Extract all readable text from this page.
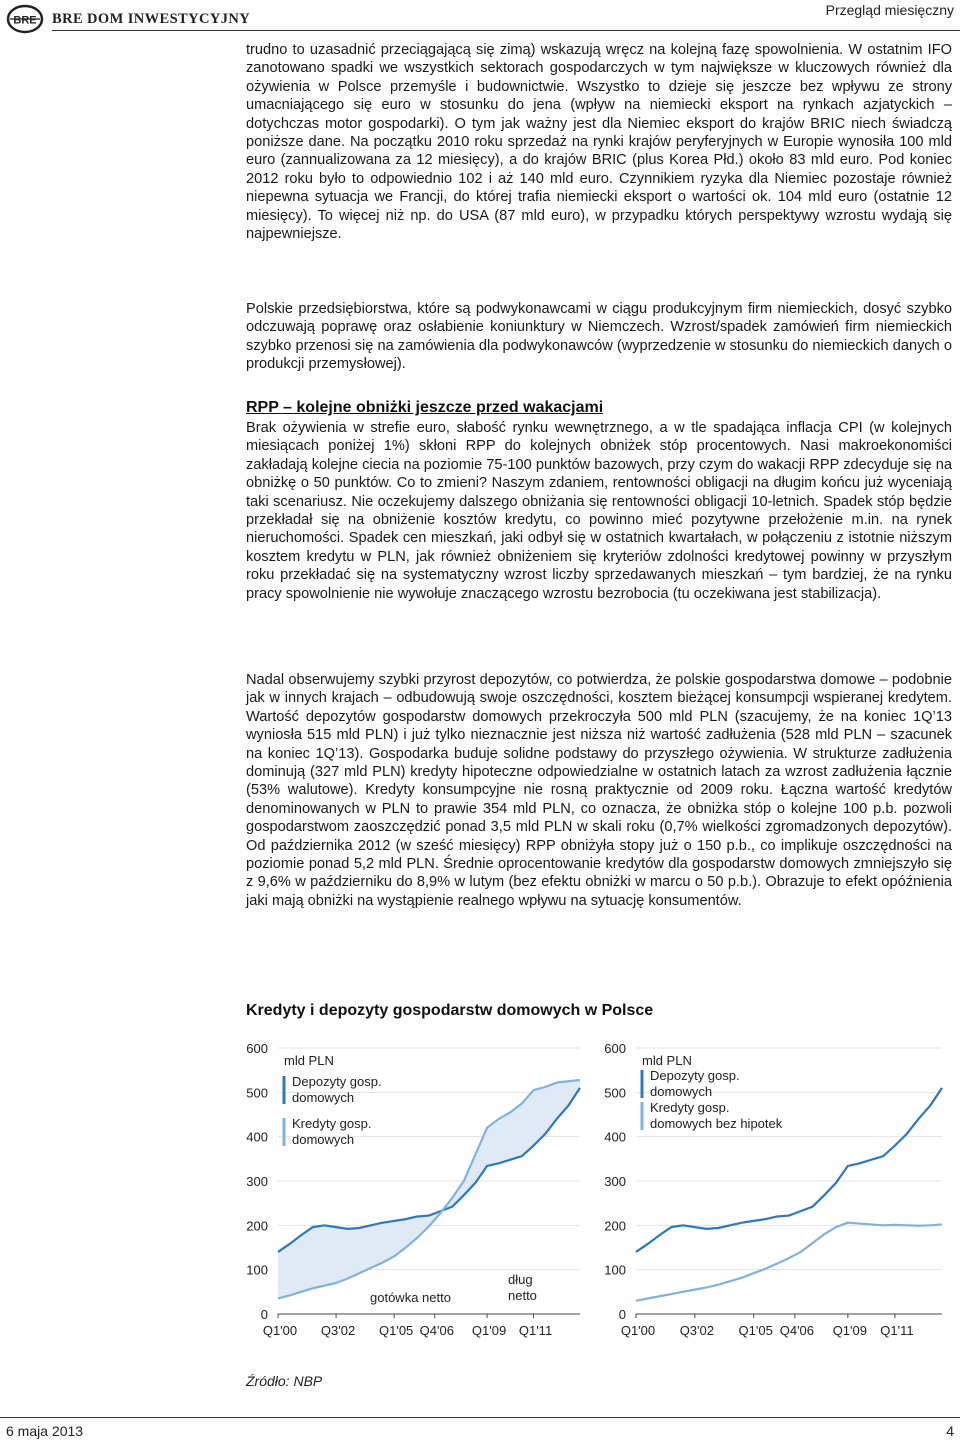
BRE BRE DOM INWESTYCYJNY
Przegląd miesięczny

trudno to uzasadnić przeciągającą się zimą) wskazują wręcz na kolejną fazę spowolnienia. W ostatnim IFO zanotowano spadki we wszystkich sektorach gospodarczych w tym największe w kluczowych również dla ożywienia w Polsce przemyśle i budownictwie. Wszystko to dzieje się jeszcze bez wpływu ze strony umacniającego się euro w stosunku do jena (wpływ na niemiecki eksport na rynkach azjatyckich – dotychczas motor gospodarki). O tym jak ważny jest dla Niemiec eksport do krajów BRIC niech świadczą poniższe dane. Na początku 2010 roku sprzedaż na rynki krajów peryferyjnych w Europie wynosiła 100 mld euro (zannualizowana za 12 miesięcy), a do krajów BRIC (plus Korea Płd.) około 83 mld euro. Pod koniec 2012 roku było to odpowiednio 102 i aż 140 mld euro. Czynnikiem ryzyka dla Niemiec pozostaje również niepewna sytuacja we Francji, do której trafia niemiecki eksport o wartości ok. 104 mld euro (ostatnie 12 miesięcy). To więcej niż np. do USA (87 mld euro), w przypadku których perspektywy wzrostu wydają się najpewniejsze.

Polskie przedsiębiorstwa, które są podwykonawcami w ciągu produkcyjnym firm niemieckich, dosyć szybko odczuwają poprawę oraz osłabienie koniunktury w Niemczech. Wzrost/spadek zamówień firm niemieckich szybko przenosi się na zamówienia dla podwykonawców (wyprzedzenie w stosunku do niemieckich danych o produkcji przemysłowej).

RPP – kolejne obniżki jeszcze przed wakacjami

Brak ożywienia w strefie euro, słabość rynku wewnętrznego, a w tle spadająca inflacja CPI (w kolejnych miesiącach poniżej 1%) skłoni RPP do kolejnych obniżek stóp procentowych. Nasi makroekonomiści zakładają kolejne ciecia na poziomie 75-100 punktów bazowych, przy czym do wakacji RPP zdecyduje się na obniżkę o 50 punktów. Co to zmieni? Naszym zdaniem, rentowności obligacji na długim końcu już wyceniają taki scenariusz. Nie oczekujemy dalszego obniżania się rentowności obligacji 10-letnich. Spadek stóp będzie przekładał się na obniżenie kosztów kredytu, co powinno mieć pozytywne przełożenie m.in. na rynek nieruchomości. Spadek cen mieszkań, jaki odbył się w ostatnich kwartałach, w połączeniu z istotnie niższym kosztem kredytu w PLN, jak również obniżeniem się kryteriów zdolności kredytowej powinny w przyszłym roku przekładać się na systematyczny wzrost liczby sprzedawanych mieszkań – tym bardziej, że na rynku pracy spowolnienie nie wywołuje znaczącego wzrostu bezrobocia (tu oczekiwana jest stabilizacja).

Nadal obserwujemy szybki przyrost depozytów, co potwierdza, że polskie gospodarstwa domowe – podobnie jak w innych krajach – odbudowują swoje oszczędności, kosztem bieżącej konsumpcji wspieranej kredytem. Wartość depozytów gospodarstw domowych przekroczyła 500 mld PLN (szacujemy, że na koniec 1Q’13 wyniosła 515 mld PLN) i już tylko nieznacznie jest niższa niż wartość zadłużenia (528 mld PLN – szacunek na koniec 1Q’13). Gospodarka buduje solidne podstawy do przyszłego ożywienia. W strukturze zadłużenia dominują (327 mld PLN) kredyty hipoteczne odpowiedzialne w ostatnich latach za wzrost zadłużenia łącznie (53% walutowe). Kredyty konsumpcyjne nie rosną praktycznie od 2009 roku. Łączna wartość kredytów denominowanych w PLN to prawie 354 mld PLN, co oznacza, że obniżka stóp o kolejne 100 p.b. pozwoli gospodarstwom zaoszczędzić ponad 3,5 mld PLN w skali roku (0,7% wielkości zgromadzonych depozytów). Od października 2012 (w sześć miesięcy) RPP obniżyła stopy już o 150 p.b., co implikuje oszczędności na poziomie ponad 5,2 mld PLN. Średnie oprocentowanie kredytów dla gospodarstw domowych zmniejszyło się z 9,6% w październiku do 8,9% w lutym (bez efektu obniżki w marcu o 50 p.b.). Obrazuje to efekt opóźnienia jaki mają obniżki na wystąpienie realnego wpływu na sytuację konsumentów.

Kredyty i depozyty gospodarstw domowych w Polsce
0
100
200
300
400
500
600
Q1'00 Q3'02 Q1'05 Q4'06 Q1'09 Q1'11
mld PLN
Depozyty gosp.
domowych
Kredyty gosp.
domowych
gotówka netto
dług
netto
0
100
200
300
400
500
600
Q1'00 Q3'02 Q1'05 Q4'06 Q1'09 Q1'11
mld PLN
Depozyty gosp.
domowych
Kredyty gosp.
domowych bez hipotek
Źródło: NBP
6 maja 2013	4
